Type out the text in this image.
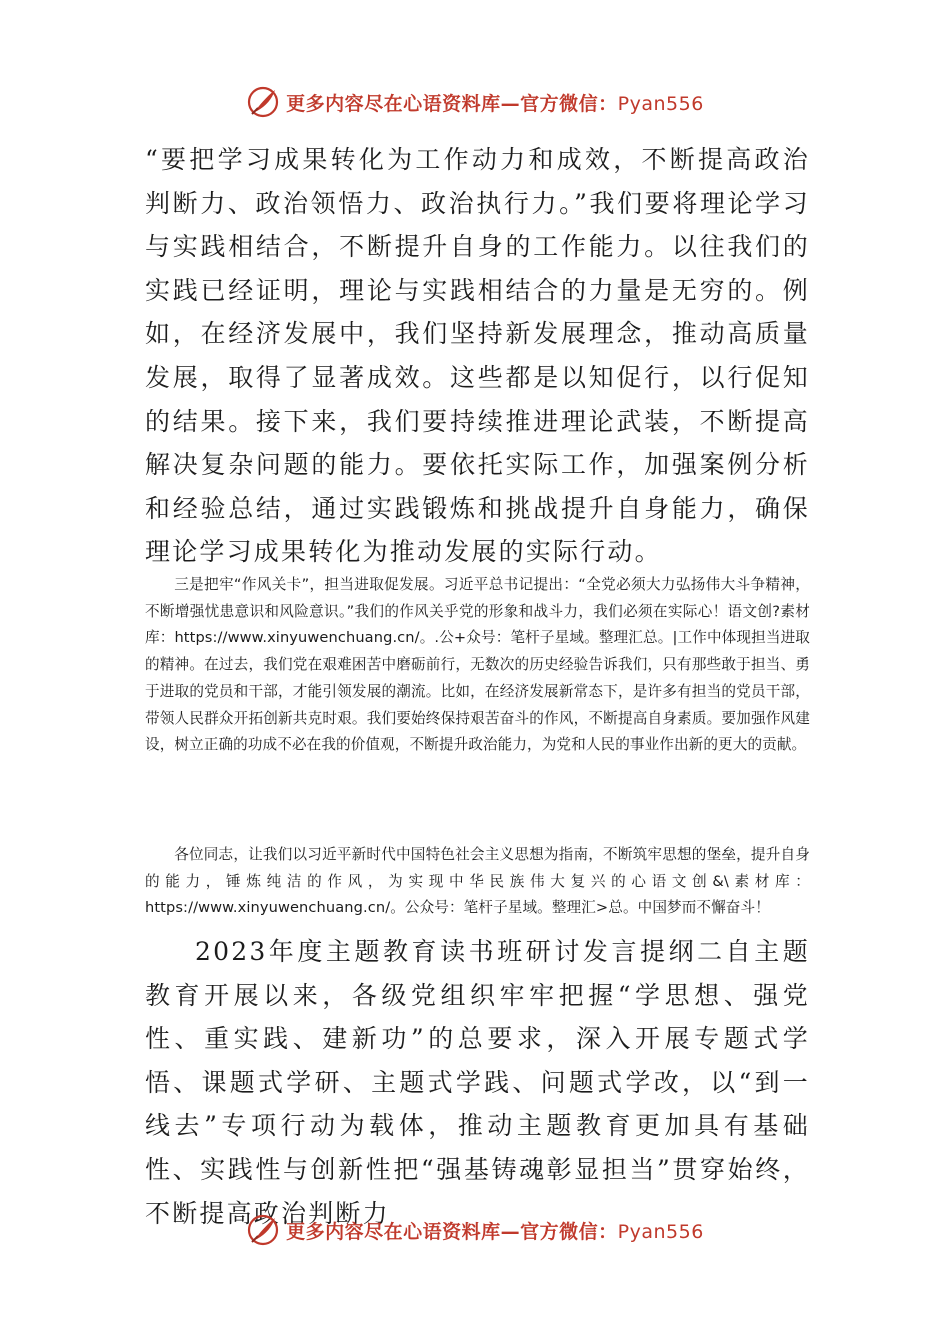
更多内容尽在心语资料库—官方微信：Pyan556

“要把学习成果转化为工作动力和成效，不断提高政治判断力、政治领悟力、政治执行力。”我们要将理论学习与实践相结合，不断提升自身的工作能力。以往我们的实践已经证明，理论与实践相结合的力量是无穷的。例如，在经济发展中，我们坚持新发展理念，推动高质量发展，取得了显著成效。这些都是以知促行，以行促知的结果。接下来，我们要持续推进理论武装，不断提高解决复杂问题的能力。要依托实际工作，加强案例分析和经验总结，通过实践锻炼和挑战提升自身能力，确保理论学习成果转化为推动发展的实际行动。

三是把牢“作风关卡”，担当进取促发展。习近平总书记提出：“全党必须大力弘扬伟大斗争精神，不断增强忧患意识和风险意识。”我们的作风关乎党的形象和战斗力，我们必须在实际心！语文创?素材库：https://www.xinyuwenchuang.cn/。.公+众号：笔杆子星域。整理汇总。|工作中体现担当进取的精神。在过去，我们党在艰难困苦中磨砺前行，无数次的历史经验告诉我们，只有那些敢于担当、勇于进取的党员和干部，才能引领发展的潮流。比如，在经济发展新常态下，是许多有担当的党员干部，带领人民群众开拓创新共克时艰。我们要始终保持艰苦奋斗的作风，不断提高自身素质。要加强作风建设，树立正确的功成不必在我的价值观，不断提升政治能力，为党和人民的事业作出新的更大的贡献。

各位同志，让我们以习近平新时代中国特色社会主义思想为指南，不断筑牢思想的堡垒，提升自身的能力，锤炼纯洁的作风，为实现中华民族伟大复兴的心语文创&\素材库：https://www.xinyuwenchuang.cn/。公众号：笔杆子星域。整理汇>总。中国梦而不懈奋斗！

2023年度主题教育读书班研讨发言提纲二自主题教育开展以来，各级党组织牢牢把握“学思想、强党性、重实践、建新功”的总要求，深入开展专题式学悟、课题式学研、主题式学践、问题式学改，以“到一线去”专项行动为载体，推动主题教育更加具有基础性、实践性与创新性把“强基铸魂彰显担当”贯穿始终，不断提高政治判断力

更多内容尽在心语资料库—官方微信：Pyan556
